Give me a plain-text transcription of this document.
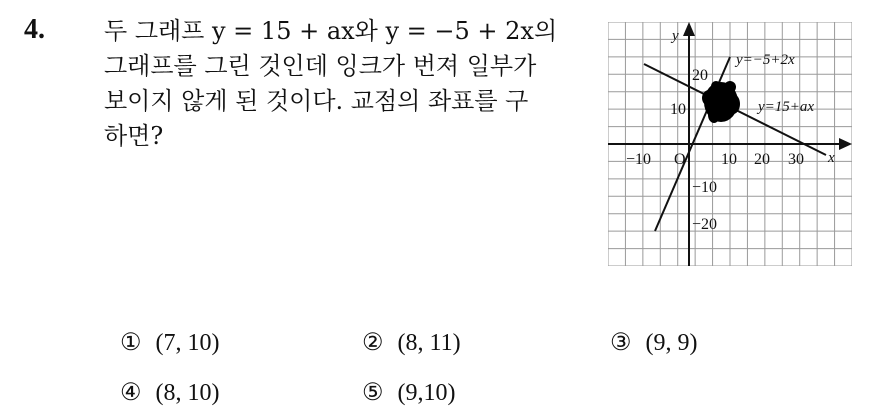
4. 두 그래프 y = 15 + ax와 y = −5 + 2x의
그래프를 그린 것인데 잉크가 번져 일부가
보이지 않게 된 것이다. 교점의 좌표를 구
하면?
y
x
O
−10	10 20 30
20
10
−10
−20
y=−5+2x
y=15+ax
① (7, 10)	② (8, 11)	③ (9, 9)
④ (8, 10)	⑤ (9,10)
